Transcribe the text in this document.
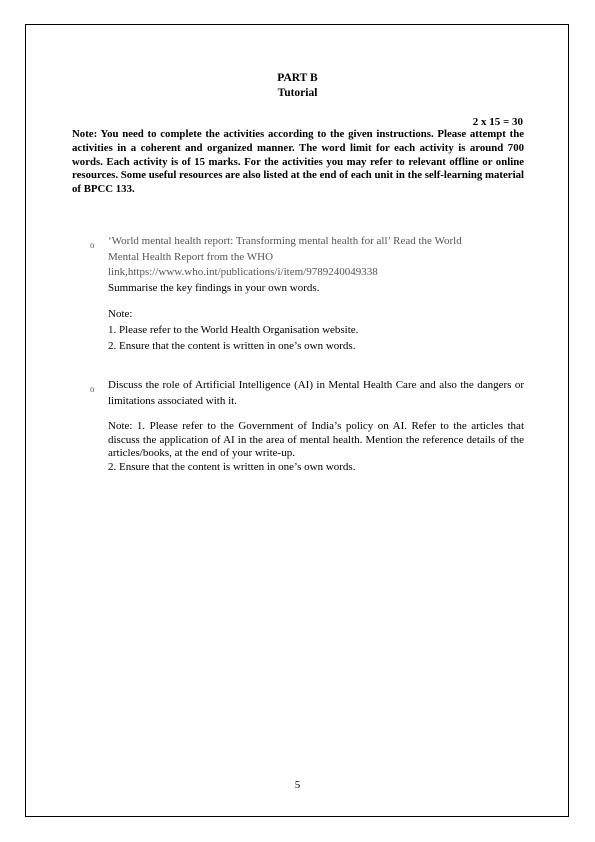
PART B
Tutorial
2 x 15 = 30
Note: You need to complete the activities according to the given instructions. Please attempt the activities in a coherent and organized manner. The word limit for each activity is around 700 words. Each activity is of 15 marks. For the activities you may refer to relevant offline or online resources. Some useful resources are also listed at the end of each unit in the self-learning material of BPCC 133.
o ‘World mental health report: Transforming mental health for all’ Read the World
Mental Health Report from the WHO
link,https://www.who.int/publications/i/item/9789240049338
Summarise the key findings in your own words.
Note:
1. Please refer to the World Health Organisation website.
2. Ensure that the content is written in one’s own words.
o Discuss the role of Artificial Intelligence (AI) in Mental Health Care and also the dangers or limitations associated with it.
Note: 1. Please refer to the Government of India’s policy on AI. Refer to the articles that discuss the application of AI in the area of mental health. Mention the reference details of the articles/books, at the end of your write-up.
2. Ensure that the content is written in one’s own words.
5
